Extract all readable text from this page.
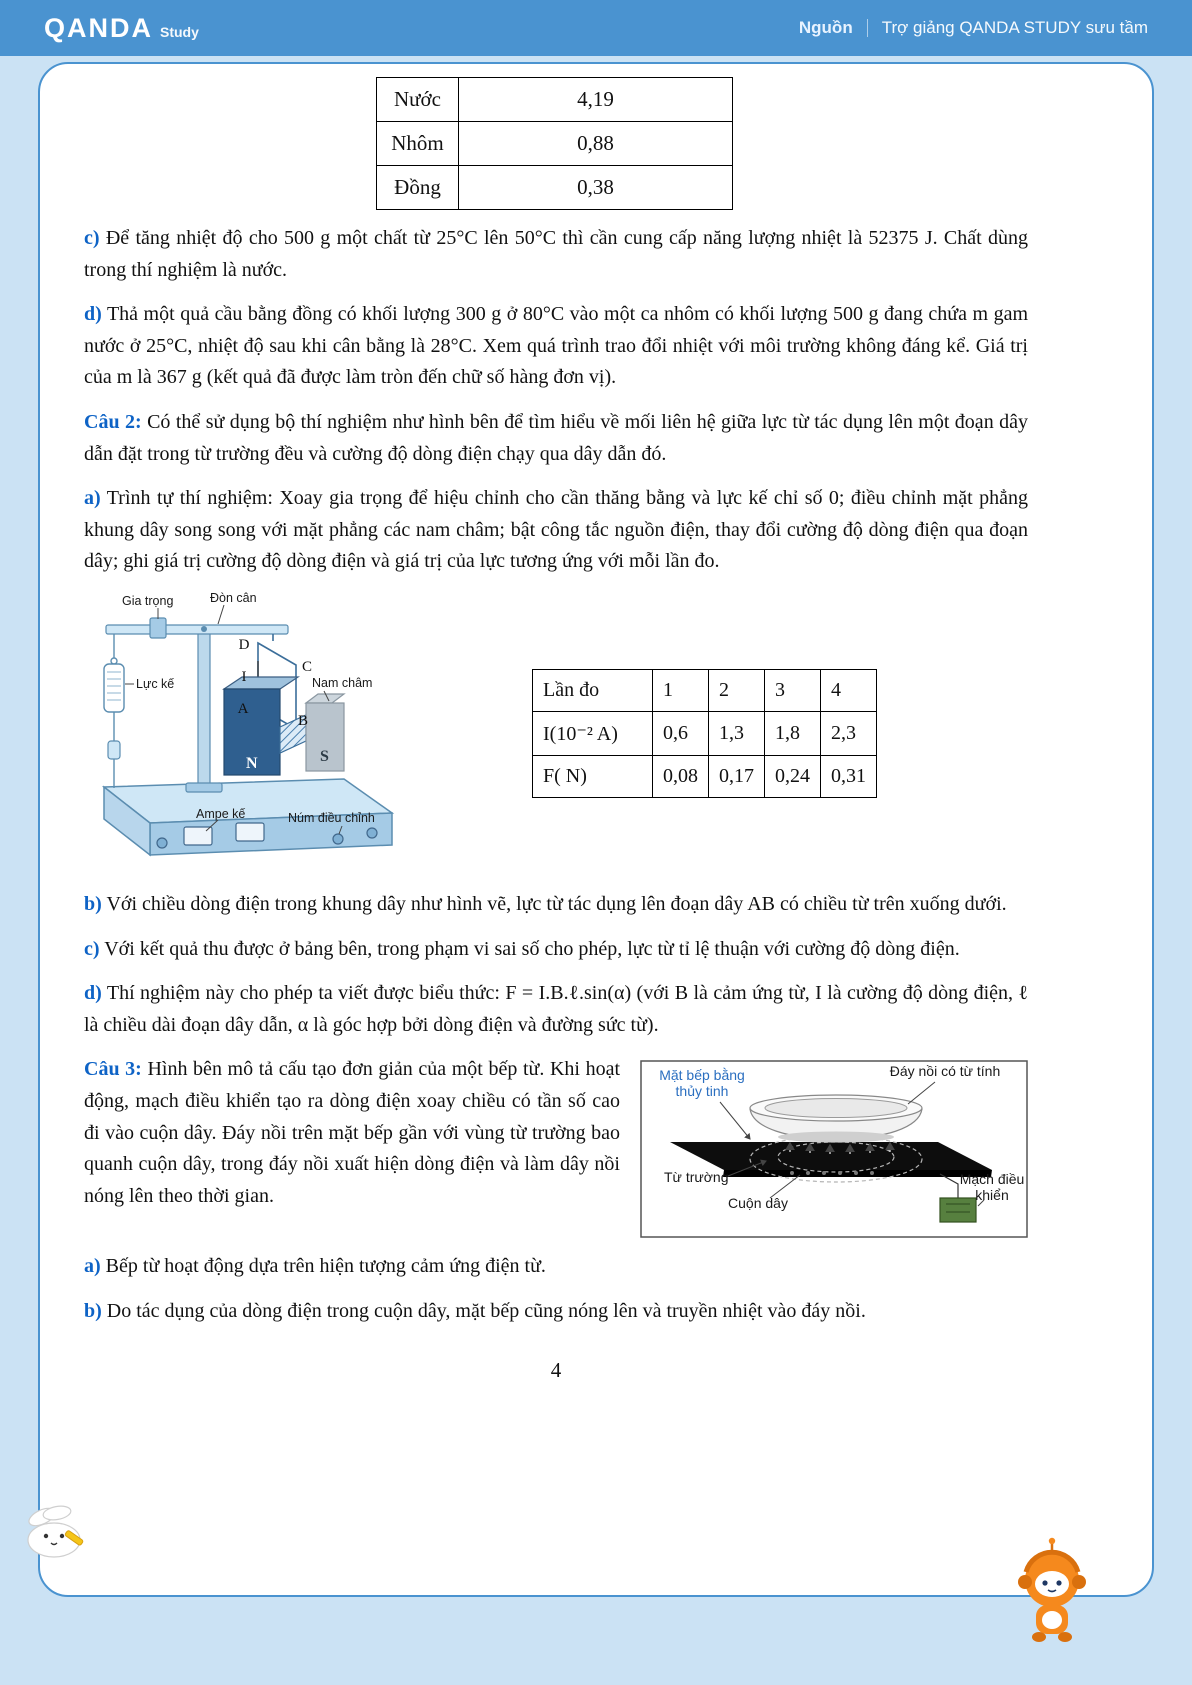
QANDA Study	Nguồn Trợ giảng QANDA STUDY sưu tầm
Nước	4,19
Nhôm	0,88
Đồng	0,38

c) Để tăng nhiệt độ cho 500 g một chất từ 25°C lên 50°C thì cần cung cấp năng lượng nhiệt là 52375 J. Chất dùng trong thí nghiệm là nước.

d) Thả một quả cầu bằng đồng có khối lượng 300 g ở 80°C vào một ca nhôm có khối lượng 500 g đang chứa m gam nước ở 25°C, nhiệt độ sau khi cân bằng là 28°C. Xem quá trình trao đổi nhiệt với môi trường không đáng kể. Giá trị của m là 367 g (kết quả đã được làm tròn đến chữ số hàng đơn vị).

Câu 2: Có thể sử dụng bộ thí nghiệm như hình bên để tìm hiểu về mối liên hệ giữa lực từ tác dụng lên một đoạn dây dẫn đặt trong từ trường đều và cường độ dòng điện chạy qua dây dẫn đó.

a) Trình tự thí nghiệm: Xoay gia trọng để hiệu chỉnh cho cần thăng bằng và lực kế chỉ số 0; điều chỉnh mặt phẳng khung dây song song với mặt phẳng các nam châm; bật công tắc nguồn điện, thay đổi cường độ dòng điện qua đoạn dây; ghi giá trị cường độ dòng điện và giá trị của lực tương ứng với mỗi lần đo.

Gia trọng	Đòn cân
Lực kế	Nam châm
Ampe kế	Núm điều chỉnh
D
I
C
A
B
N	S
Lần đo	1	2	3	4
I(10⁻² A)	0,6	1,3	1,8	2,3
F( N)	0,08	0,17	0,24	0,31

b) Với chiều dòng điện trong khung dây như hình vẽ, lực từ tác dụng lên đoạn dây AB có chiều từ trên xuống dưới.

c) Với kết quả thu được ở bảng bên, trong phạm vi sai số cho phép, lực từ tỉ lệ thuận với cường độ dòng điện.

d) Thí nghiệm này cho phép ta viết được biểu thức: F = I.B.ℓ.sin(α) (với B là cảm ứng từ, I là cường độ dòng điện, ℓ là chiều dài đoạn dây dẫn, α là góc hợp bởi dòng điện và đường sức từ).

Câu 3: Hình bên mô tả cấu tạo đơn giản của một bếp từ. Khi hoạt động, mạch điều khiển tạo ra dòng điện xoay chiều có tần số cao đi vào cuộn dây. Đáy nồi trên mặt bếp gần với vùng từ trường bao quanh cuộn dây, trong đáy nồi xuất hiện dòng điện và làm dây nồi nóng lên theo thời gian.

Mặt bếp bằng
thủy tinh
Đáy nồi có từ tính
Từ trường
Cuộn dây
Mạch điều
khiển

a) Bếp từ hoạt động dựa trên hiện tượng cảm ứng điện từ.

b) Do tác dụng của dòng điện trong cuộn dây, mặt bếp cũng nóng lên và truyền nhiệt vào đáy nồi.

4
